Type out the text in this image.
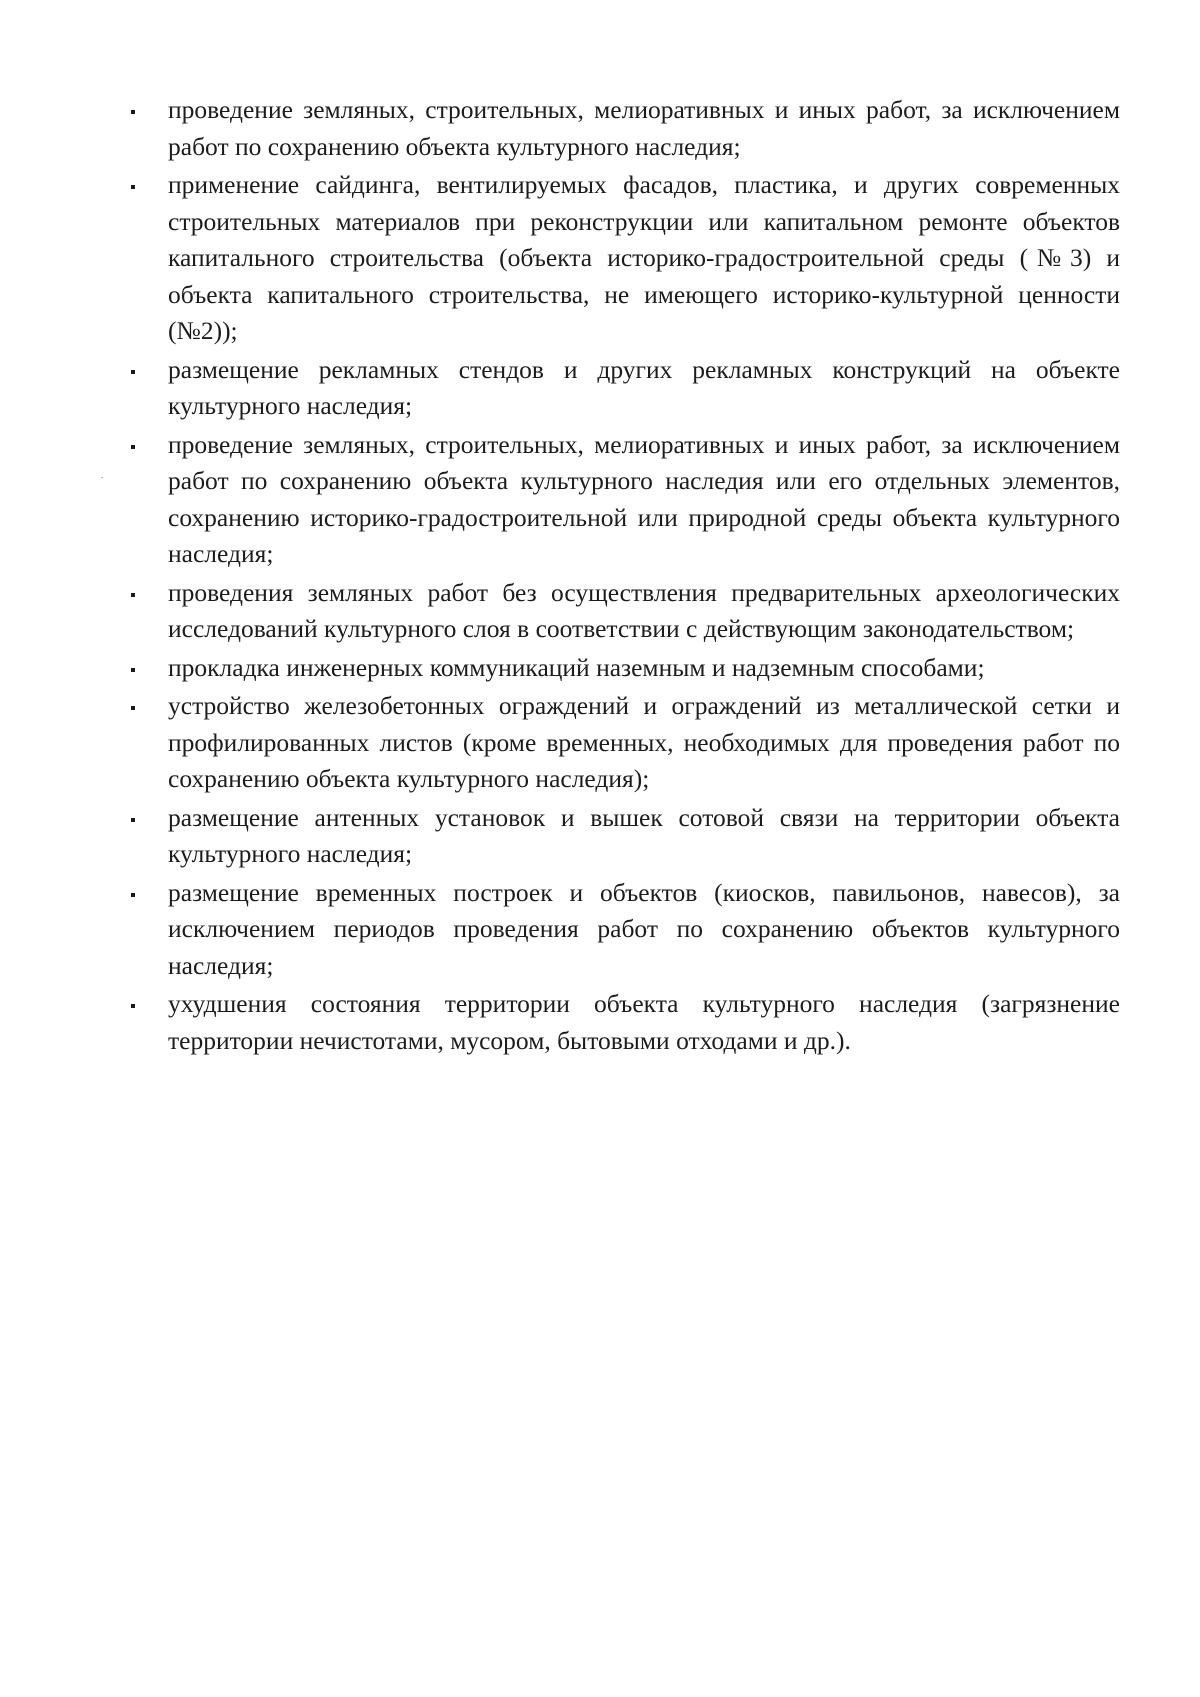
проведение земляных, строительных, мелиоративных и иных работ, за исключением работ по сохранению объекта культурного наследия;
применение сайдинга, вентилируемых фасадов, пластика, и других современных строительных материалов при реконструкции или капитальном ремонте объектов капитального строительства (объекта историко-градостроительной среды (№3) и объекта капитального строительства, не имеющего историко-культурной ценности (№2));
размещение рекламных стендов и других рекламных конструкций на объекте культурного наследия;
проведение земляных, строительных, мелиоративных и иных работ, за исключением работ по сохранению объекта культурного наследия или его отдельных элементов, сохранению историко-градостроительной или природной среды объекта культурного наследия;
проведения земляных работ без осуществления предварительных археологических исследований культурного слоя в соответствии с действующим законодательством;
прокладка инженерных коммуникаций наземным и надземным способами;
устройство железобетонных ограждений и ограждений из металлической сетки и профилированных листов (кроме временных, необходимых для проведения работ по сохранению объекта культурного наследия);
размещение антенных установок и вышек сотовой связи на территории объекта культурного наследия;
размещение временных построек и объектов (киосков, павильонов, навесов), за исключением периодов проведения работ по сохранению объектов культурного наследия;
ухудшения состояния территории объекта культурного наследия (загрязнение территории нечистотами, мусором, бытовыми отходами и др.).
